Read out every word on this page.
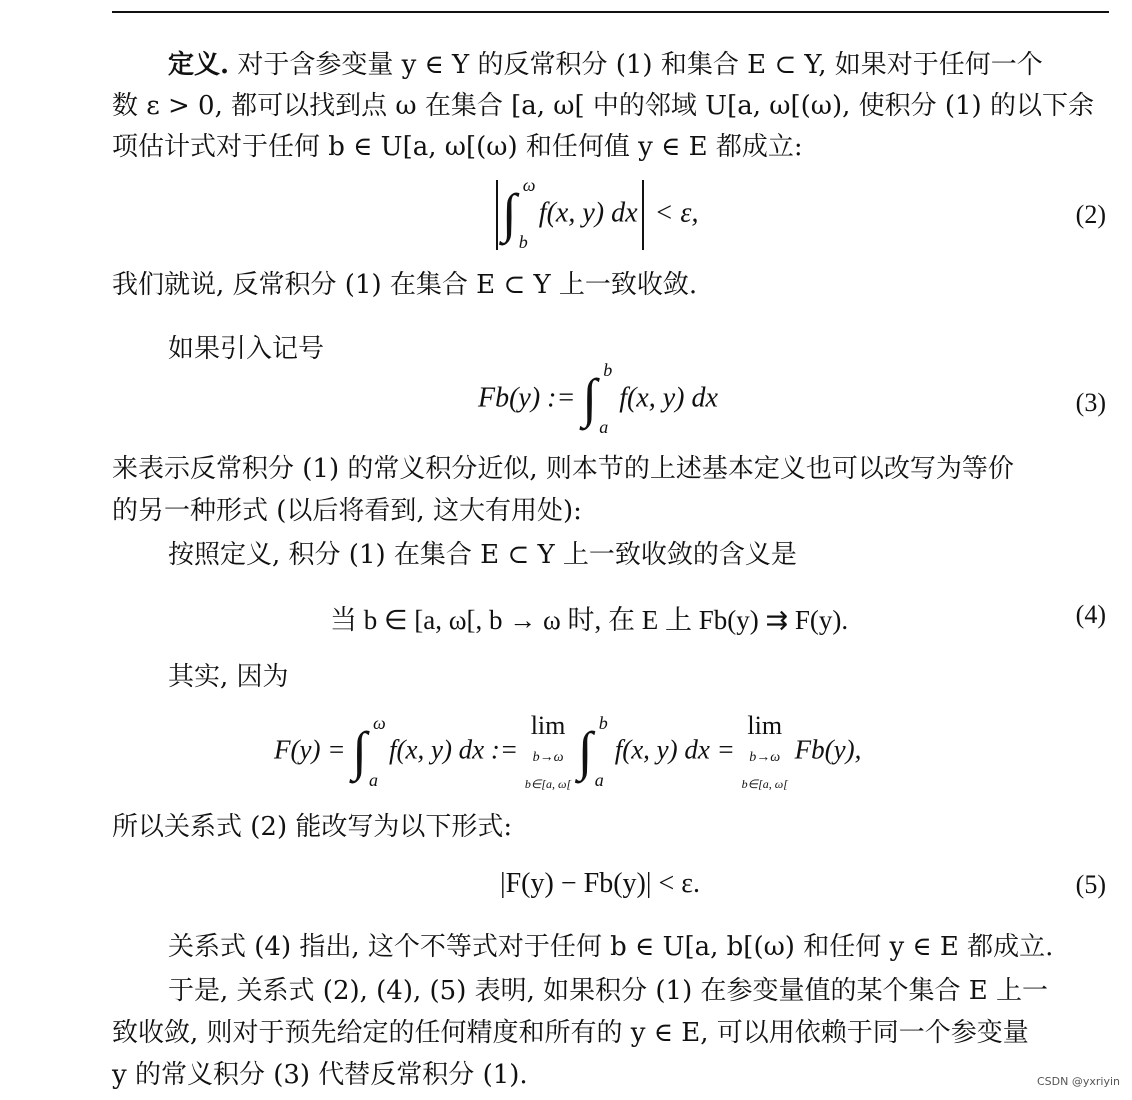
定义. 对于含参变量 y ∈ Y 的反常积分 (1) 和集合 E ⊂ Y, 如果对于任何一个
数 ε > 0, 都可以找到点 ω 在集合 [a, ω[ 中的邻域 U[a, ω[(ω), 使积分 (1) 的以下余
项估计式对于任何 b ∈ U[a, ω[(ω) 和任何值 y ∈ E 都成立:
∫ ω
b
f(x, y) dx < ε,	(2)
我们就说, 反常积分 (1) 在集合 E ⊂ Y 上一致收敛.
如果引入记号
Fb(y) := ∫ b
a
f(x, y) dx	(3)
来表示反常积分 (1) 的常义积分近似, 则本节的上述基本定义也可以改写为等价
的另一种形式 (以后将看到, 这大有用处):
按照定义, 积分 (1) 在集合 E ⊂ Y 上一致收敛的含义是
当 b ∈ [a, ω[, b → ω 时, 在 E 上 Fb(y) ⇉ F(y).	(4)
其实, 因为
F(y) = ∫ ω
a
f(x, y) dx := lim
b→ω
b∈[a, ω[ ∫ b
a
f(x, y) dx = lim
b→ω
b∈[a, ω[ Fb(y),
所以关系式 (2) 能改写为以下形式:
|F(y) − Fb(y)| < ε.	(5)
关系式 (4) 指出, 这个不等式对于任何 b ∈ U[a, b[(ω) 和任何 y ∈ E 都成立.
于是, 关系式 (2), (4), (5) 表明, 如果积分 (1) 在参变量值的某个集合 E 上一
致收敛, 则对于预先给定的任何精度和所有的 y ∈ E, 可以用依赖于同一个参变量
y 的常义积分 (3) 代替反常积分 (1).	CSDN @yxriyin
